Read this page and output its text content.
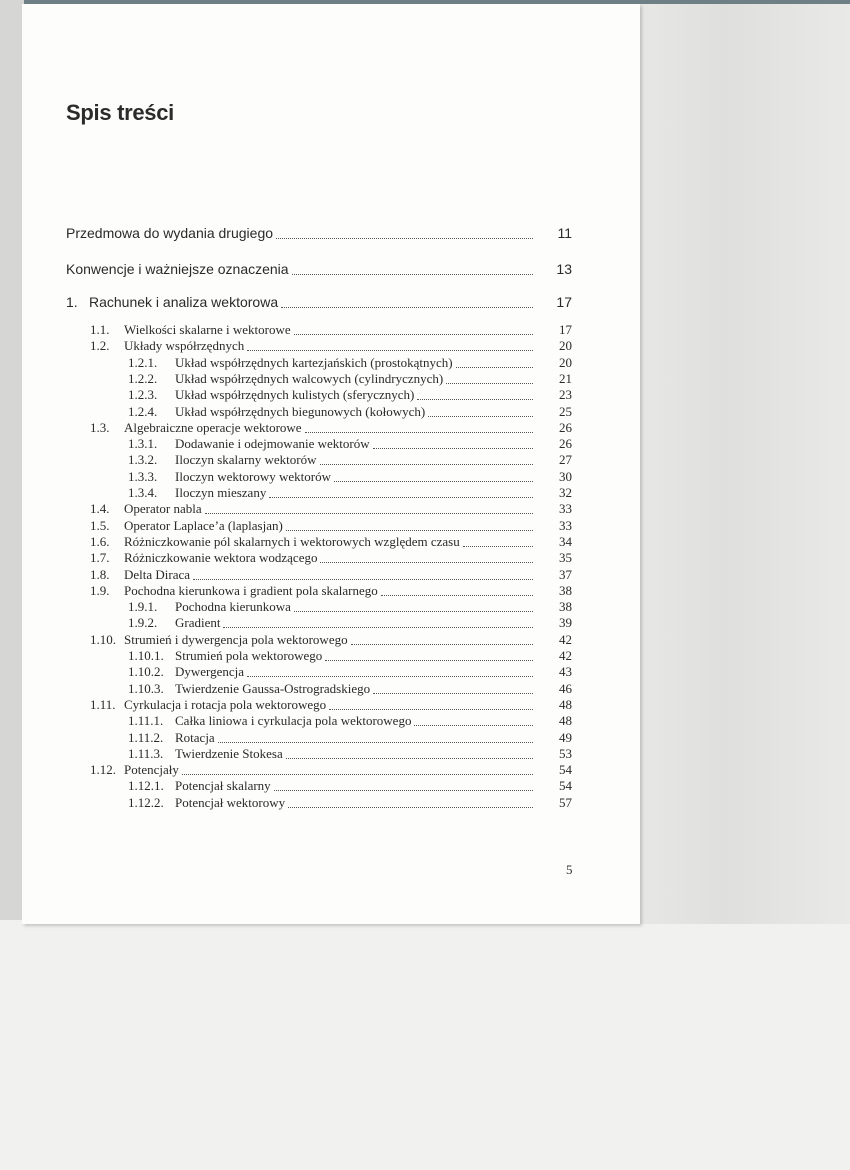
Spis treści
Przedmowa do wydania drugiego	11
Konwencje i ważniejsze oznaczenia	13
1. Rachunek i analiza wektorowa	17
1.1. Wielkości skalarne i wektorowe	17
1.2. Układy współrzędnych	20
1.2.1. Układ współrzędnych kartezjańskich (prostokątnych)	20
1.2.2. Układ współrzędnych walcowych (cylindrycznych)	21
1.2.3. Układ współrzędnych kulistych (sferycznych)	23
1.2.4. Układ współrzędnych biegunowych (kołowych)	25
1.3. Algebraiczne operacje wektorowe	26
1.3.1. Dodawanie i odejmowanie wektorów	26
1.3.2. Iloczyn skalarny wektorów	27
1.3.3. Iloczyn wektorowy wektorów	30
1.3.4. Iloczyn mieszany	32
1.4. Operator nabla	33
1.5. Operator Laplace’a (laplasjan)	33
1.6. Różniczkowanie pól skalarnych i wektorowych względem czasu	34
1.7. Różniczkowanie wektora wodzącego	35
1.8. Delta Diraca	37
1.9. Pochodna kierunkowa i gradient pola skalarnego	38
1.9.1. Pochodna kierunkowa	38
1.9.2. Gradient	39
1.10. Strumień i dywergencja pola wektorowego	42
1.10.1. Strumień pola wektorowego	42
1.10.2. Dywergencja	43
1.10.3. Twierdzenie Gaussa-Ostrogradskiego	46
1.11. Cyrkulacja i rotacja pola wektorowego	48
1.11.1. Całka liniowa i cyrkulacja pola wektorowego	48
1.11.2. Rotacja	49
1.11.3. Twierdzenie Stokesa	53
1.12. Potencjały	54
1.12.1. Potencjał skalarny	54
1.12.2. Potencjał wektorowy	57
5
